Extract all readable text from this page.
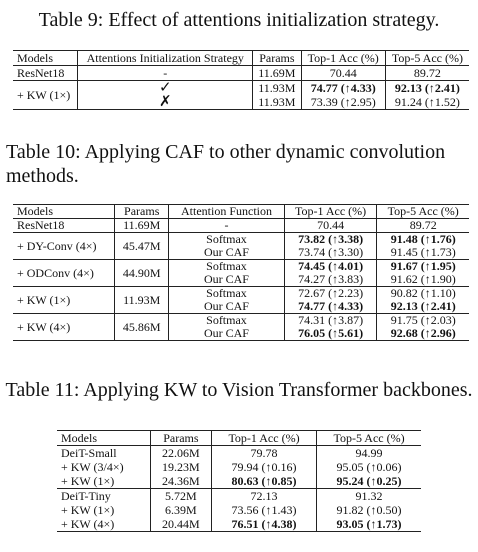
Table 9: Effect of attentions initialization strategy.
Models	Attentions Initialization Strategy	Params	Top-1 Acc (%)	Top-5 Acc (%)
ResNet18	-	11.69M	70.44	89.72
+ KW (1×)	✓	11.93M	74.77 (↑4.33)	92.13 (↑2.41)
	✗	11.93M	73.39 (↑2.95)	91.24 (↑1.52)
Table 10: Applying CAF to other dynamic convolution
methods.
Models	Params	Attention Function	Top-1 Acc (%)	Top-5 Acc (%)
ResNet18	11.69M	-	70.44	89.72
+ DY-Conv (4×)	45.47M	Softmax	73.82 (↑3.38)	91.48 (↑1.76)
		Our CAF	73.74 (↑3.30)	91.45 (↑1.73)
+ ODConv (4×)	44.90M	Softmax	74.45 (↑4.01)	91.67 (↑1.95)
		Our CAF	74.27 (↑3.83)	91.62 (↑1.90)
+ KW (1×)	11.93M	Softmax	72.67 (↑2.23)	90.82 (↑1.10)
		Our CAF	74.77 (↑4.33)	92.13 (↑2.41)
+ KW (4×)	45.86M	Softmax	74.31 (↑3.87)	91.75 (↑2.03)
		Our CAF	76.05 (↑5.61)	92.68 (↑2.96)
Table 11: Applying KW to Vision Transformer backbones.
Models	Params	Top-1 Acc (%)	Top-5 Acc (%)
DeiT-Small	22.06M	79.78	94.99
+ KW (3/4×)	19.23M	79.94 (↑0.16)	95.05 (↑0.06)
+ KW (1×)	24.36M	80.63 (↑0.85)	95.24 (↑0.25)
DeiT-Tiny	5.72M	72.13	91.32
+ KW (1×)	6.39M	73.56 (↑1.43)	91.82 (↑0.50)
+ KW (4×)	20.44M	76.51 (↑4.38)	93.05 (↑1.73)
